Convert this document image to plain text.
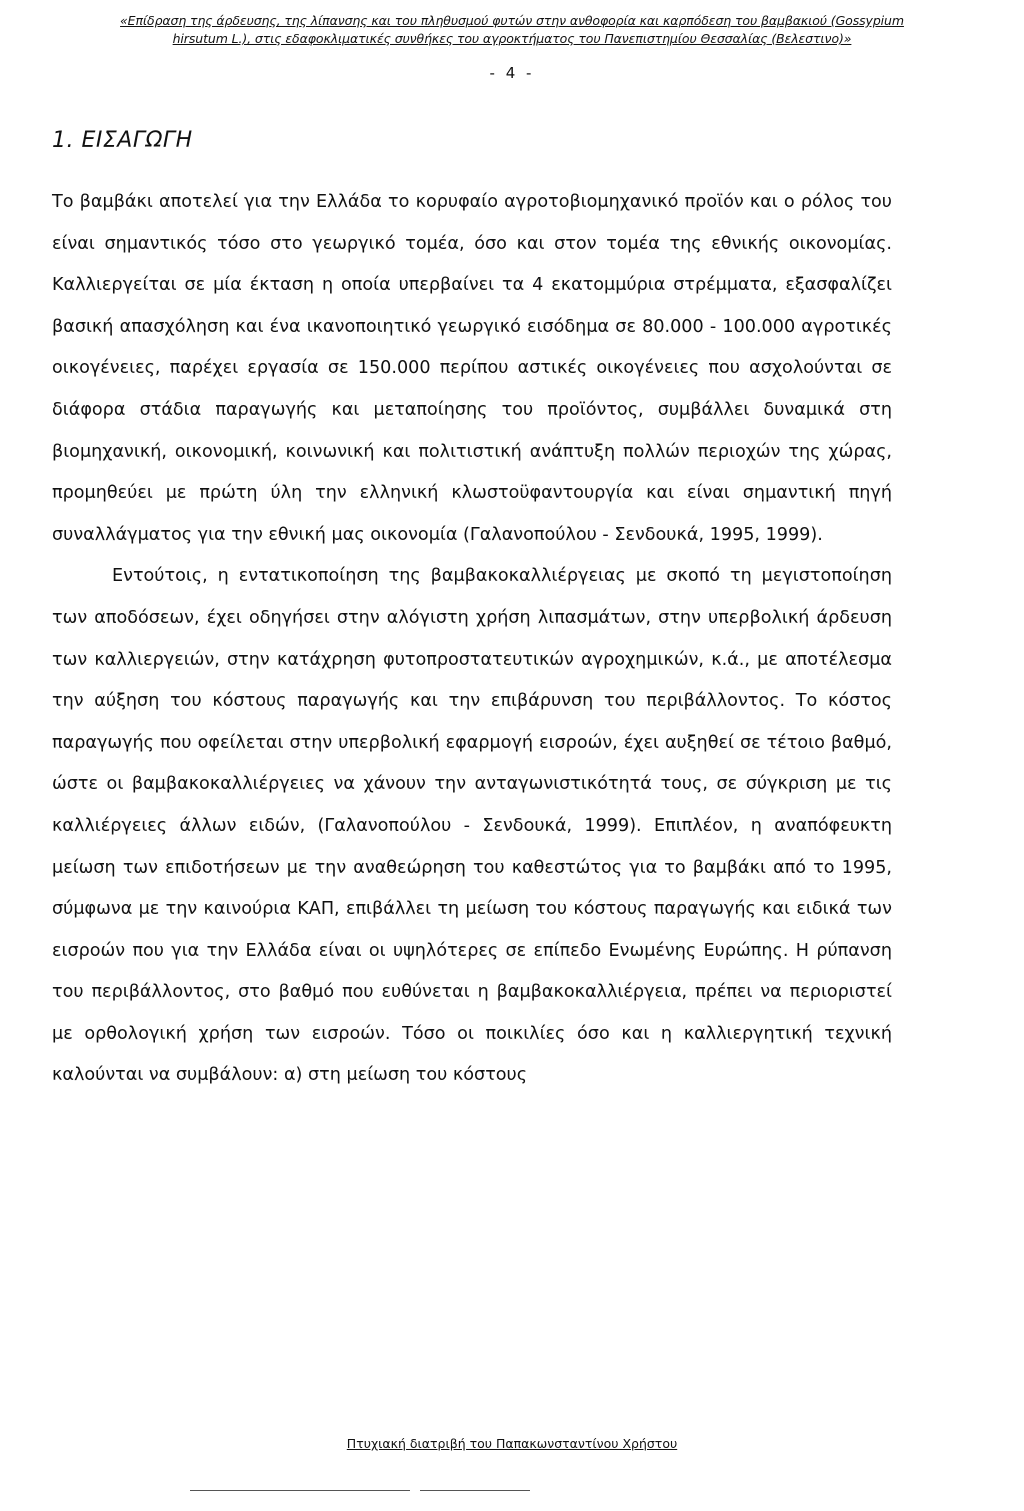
«Επίδραση της άρδευσης, της λίπανσης και του πληθυσμού φυτών στην ανθοφορία και καρπόδεση του βαμβακιού (Gossypium
hirsutum L.), στις εδαφοκλιματικές συνθήκες του αγροκτήματος του Πανεπιστημίου Θεσσαλίας (Βελεστινο)»
- 4 -
1. ΕΙΣΑΓΩΓΗ

Το βαμβάκι αποτελεί για την Ελλάδα το κορυφαίο αγροτοβιομηχανικό προϊόν και ο ρόλος του είναι σημαντικός τόσο στο γεωργικό τομέα, όσο και στον τομέα της εθνικής οικονομίας. Καλλιεργείται σε μία έκταση η οποία υπερβαίνει τα 4 εκατομμύρια στρέμματα, εξασφαλίζει βασική απασχόληση και ένα ικανοποιητικό γεωργικό εισόδημα σε 80.000 - 100.000 αγροτικές οικογένειες, παρέχει εργασία σε 150.000 περίπου αστικές οικογένειες που ασχολούνται σε διάφορα στάδια παραγωγής και μεταποίησης του προϊόντος, συμβάλλει δυναμικά στη βιομηχανική, οικονομική, κοινωνική και πολιτιστική ανάπτυξη πολλών περιοχών της χώρας, προμηθεύει με πρώτη ύλη την ελληνική κλωστοϋφαντουργία και είναι σημαντική πηγή συναλλάγματος για την εθνική μας οικονομία (Γαλανοπούλου - Σενδουκά, 1995, 1999).

Εντούτοις, η εντατικοποίηση της βαμβακοκαλλιέργειας με σκοπό τη μεγιστοποίηση των αποδόσεων, έχει οδηγήσει στην αλόγιστη χρήση λιπασμάτων, στην υπερβολική άρδευση των καλλιεργειών, στην κατάχρηση φυτοπροστατευτικών αγροχημικών, κ.ά., με αποτέλεσμα την αύξηση του κόστους παραγωγής και την επιβάρυνση του περιβάλλοντος. Το κόστος παραγωγής που οφείλεται στην υπερβολική εφαρμογή εισροών, έχει αυξηθεί σε τέτοιο βαθμό, ώστε οι βαμβακοκαλλιέργειες να χάνουν την ανταγωνιστικότητά τους, σε σύγκριση με τις καλλιέργειες άλλων ειδών, (Γαλανοπούλου - Σενδουκά, 1999). Επιπλέον, η αναπόφευκτη μείωση των επιδοτήσεων με την αναθεώρηση του καθεστώτος για το βαμβάκι από το 1995, σύμφωνα με την καινούρια ΚΑΠ, επιβάλλει τη μείωση του κόστους παραγωγής και ειδικά των εισροών που για την Ελλάδα είναι οι υψηλότερες σε επίπεδο Ενωμένης Ευρώπης. Η ρύπανση του περιβάλλοντος, στο βαθμό που ευθύνεται η βαμβακοκαλλιέργεια, πρέπει να περιοριστεί με ορθολογική χρήση των εισροών. Τόσο οι ποικιλίες όσο και η καλλιεργητική τεχνική καλούνται να συμβάλουν: α) στη μείωση του κόστους

Πτυχιακή διατριβή του Παπακωνσταντίνου Χρήστου
